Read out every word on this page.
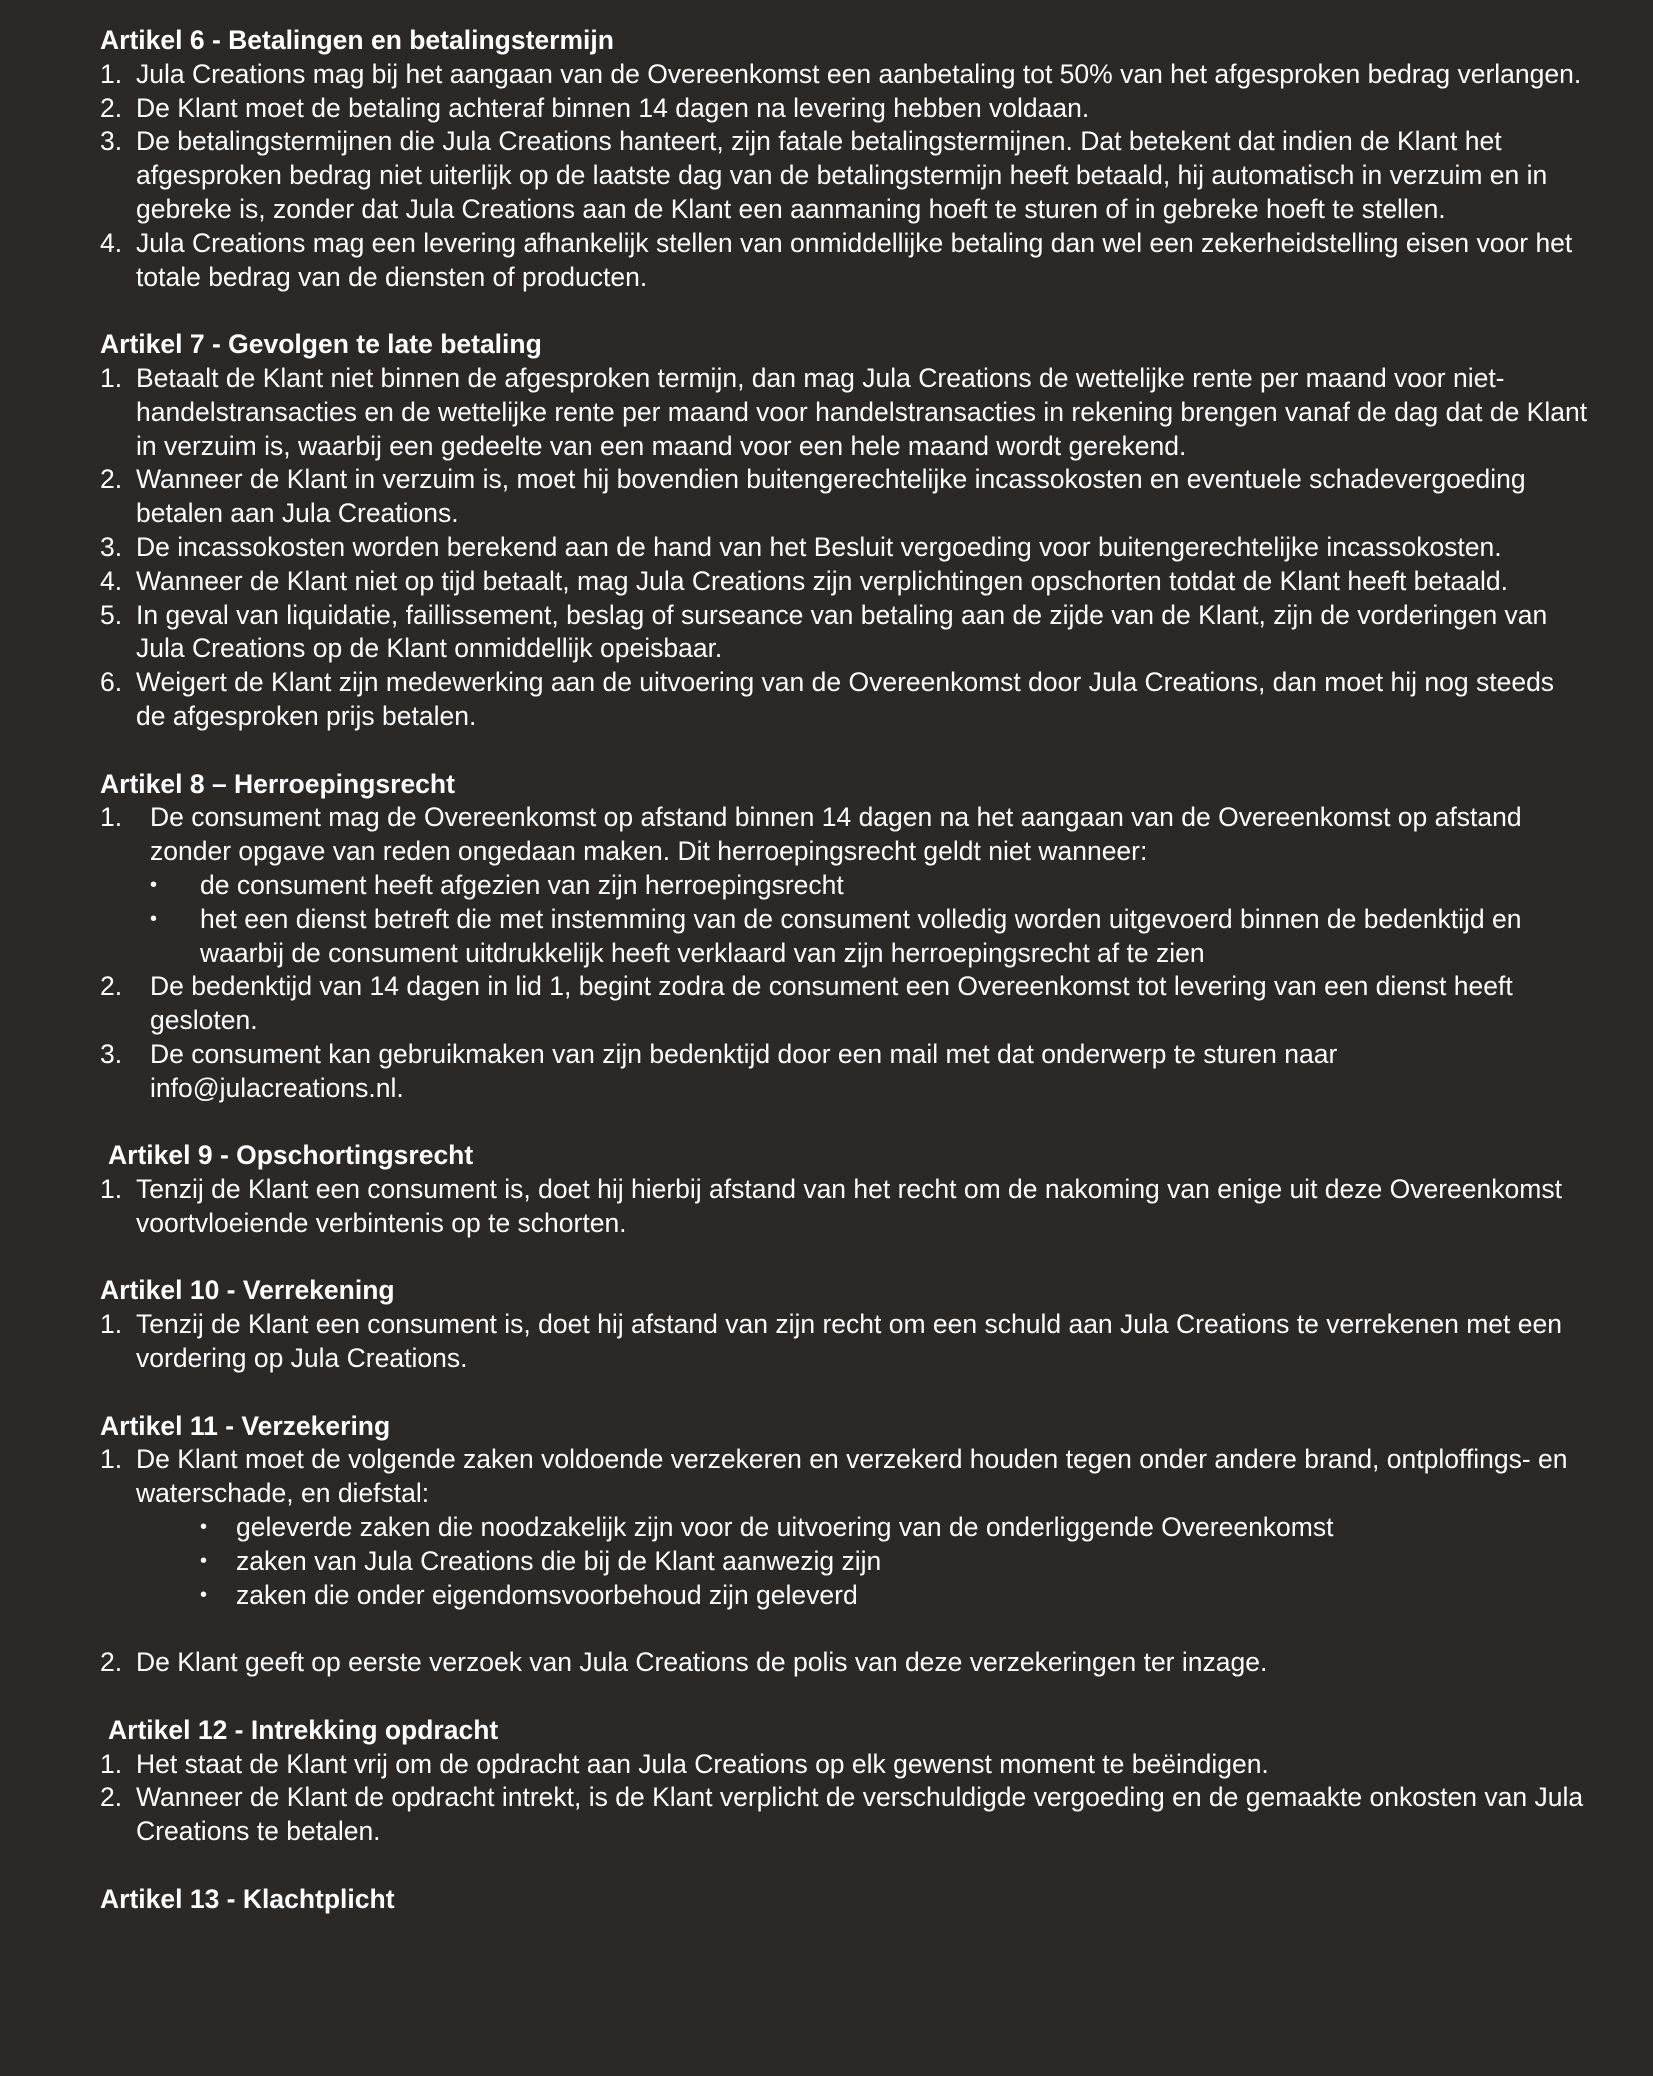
Artikel 6 - Betalingen en betalingstermijn
1. Jula Creations mag bij het aangaan van de Overeenkomst een aanbetaling tot 50% van het afgesproken bedrag verlangen.
2. De Klant moet de betaling achteraf binnen 14 dagen na levering hebben voldaan.
3. De betalingstermijnen die Jula Creations hanteert, zijn fatale betalingstermijnen. Dat betekent dat indien de Klant het afgesproken bedrag niet uiterlijk op de laatste dag van de betalingstermijn heeft betaald, hij automatisch in verzuim en in gebreke is, zonder dat Jula Creations aan de Klant een aanmaning hoeft te sturen of in gebreke hoeft te stellen.
4. Jula Creations mag een levering afhankelijk stellen van onmiddellijke betaling dan wel een zekerheidstelling eisen voor het totale bedrag van de diensten of producten.
Artikel 7 - Gevolgen te late betaling
1. Betaalt de Klant niet binnen de afgesproken termijn, dan mag Jula Creations de wettelijke rente per maand voor niet-handelstransacties en de wettelijke rente per maand voor handelstransacties in rekening brengen vanaf de dag dat de Klant in verzuim is, waarbij een gedeelte van een maand voor een hele maand wordt gerekend.
2. Wanneer de Klant in verzuim is, moet hij bovendien buitengerechtelijke incassokosten en eventuele schadevergoeding betalen aan Jula Creations.
3. De incassokosten worden berekend aan de hand van het Besluit vergoeding voor buitengerechtelijke incassokosten.
4. Wanneer de Klant niet op tijd betaalt, mag Jula Creations zijn verplichtingen opschorten totdat de Klant heeft betaald.
5. In geval van liquidatie, faillissement, beslag of surseance van betaling aan de zijde van de Klant, zijn de vorderingen van Jula Creations op de Klant onmiddellijk opeisbaar.
6. Weigert de Klant zijn medewerking aan de uitvoering van de Overeenkomst door Jula Creations, dan moet hij nog steeds de afgesproken prijs betalen.
Artikel 8 – Herroepingsrecht
1. De consument mag de Overeenkomst op afstand binnen 14 dagen na het aangaan van de Overeenkomst op afstand zonder opgave van reden ongedaan maken. Dit herroepingsrecht geldt niet wanneer:
• de consument heeft afgezien van zijn herroepingsrecht
• het een dienst betreft die met instemming van de consument volledig worden uitgevoerd binnen de bedenktijd en waarbij de consument uitdrukkelijk heeft verklaard van zijn herroepingsrecht af te zien
2. De bedenktijd van 14 dagen in lid 1, begint zodra de consument een Overeenkomst tot levering van een dienst heeft gesloten.
3. De consument kan gebruikmaken van zijn bedenktijd door een mail met dat onderwerp te sturen naar info@julacreations.nl.
Artikel 9 - Opschortingsrecht
1. Tenzij de Klant een consument is, doet hij hierbij afstand van het recht om de nakoming van enige uit deze Overeenkomst voortvloeiende verbintenis op te schorten.
Artikel 10 - Verrekening
1. Tenzij de Klant een consument is, doet hij afstand van zijn recht om een schuld aan Jula Creations te verrekenen met een vordering op Jula Creations.
Artikel 11 - Verzekering
1. De Klant moet de volgende zaken voldoende verzekeren en verzekerd houden tegen onder andere brand, ontploffings- en waterschade, en diefstal:
• geleverde zaken die noodzakelijk zijn voor de uitvoering van de onderliggende Overeenkomst
• zaken van Jula Creations die bij de Klant aanwezig zijn
• zaken die onder eigendomsvoorbehoud zijn geleverd
2. De Klant geeft op eerste verzoek van Jula Creations de polis van deze verzekeringen ter inzage.
Artikel 12 - Intrekking opdracht
1. Het staat de Klant vrij om de opdracht aan Jula Creations op elk gewenst moment te beëindigen.
2. Wanneer de Klant de opdracht intrekt, is de Klant verplicht de verschuldigde vergoeding en de gemaakte onkosten van Jula Creations te betalen.
Artikel 13 - Klachtplicht
